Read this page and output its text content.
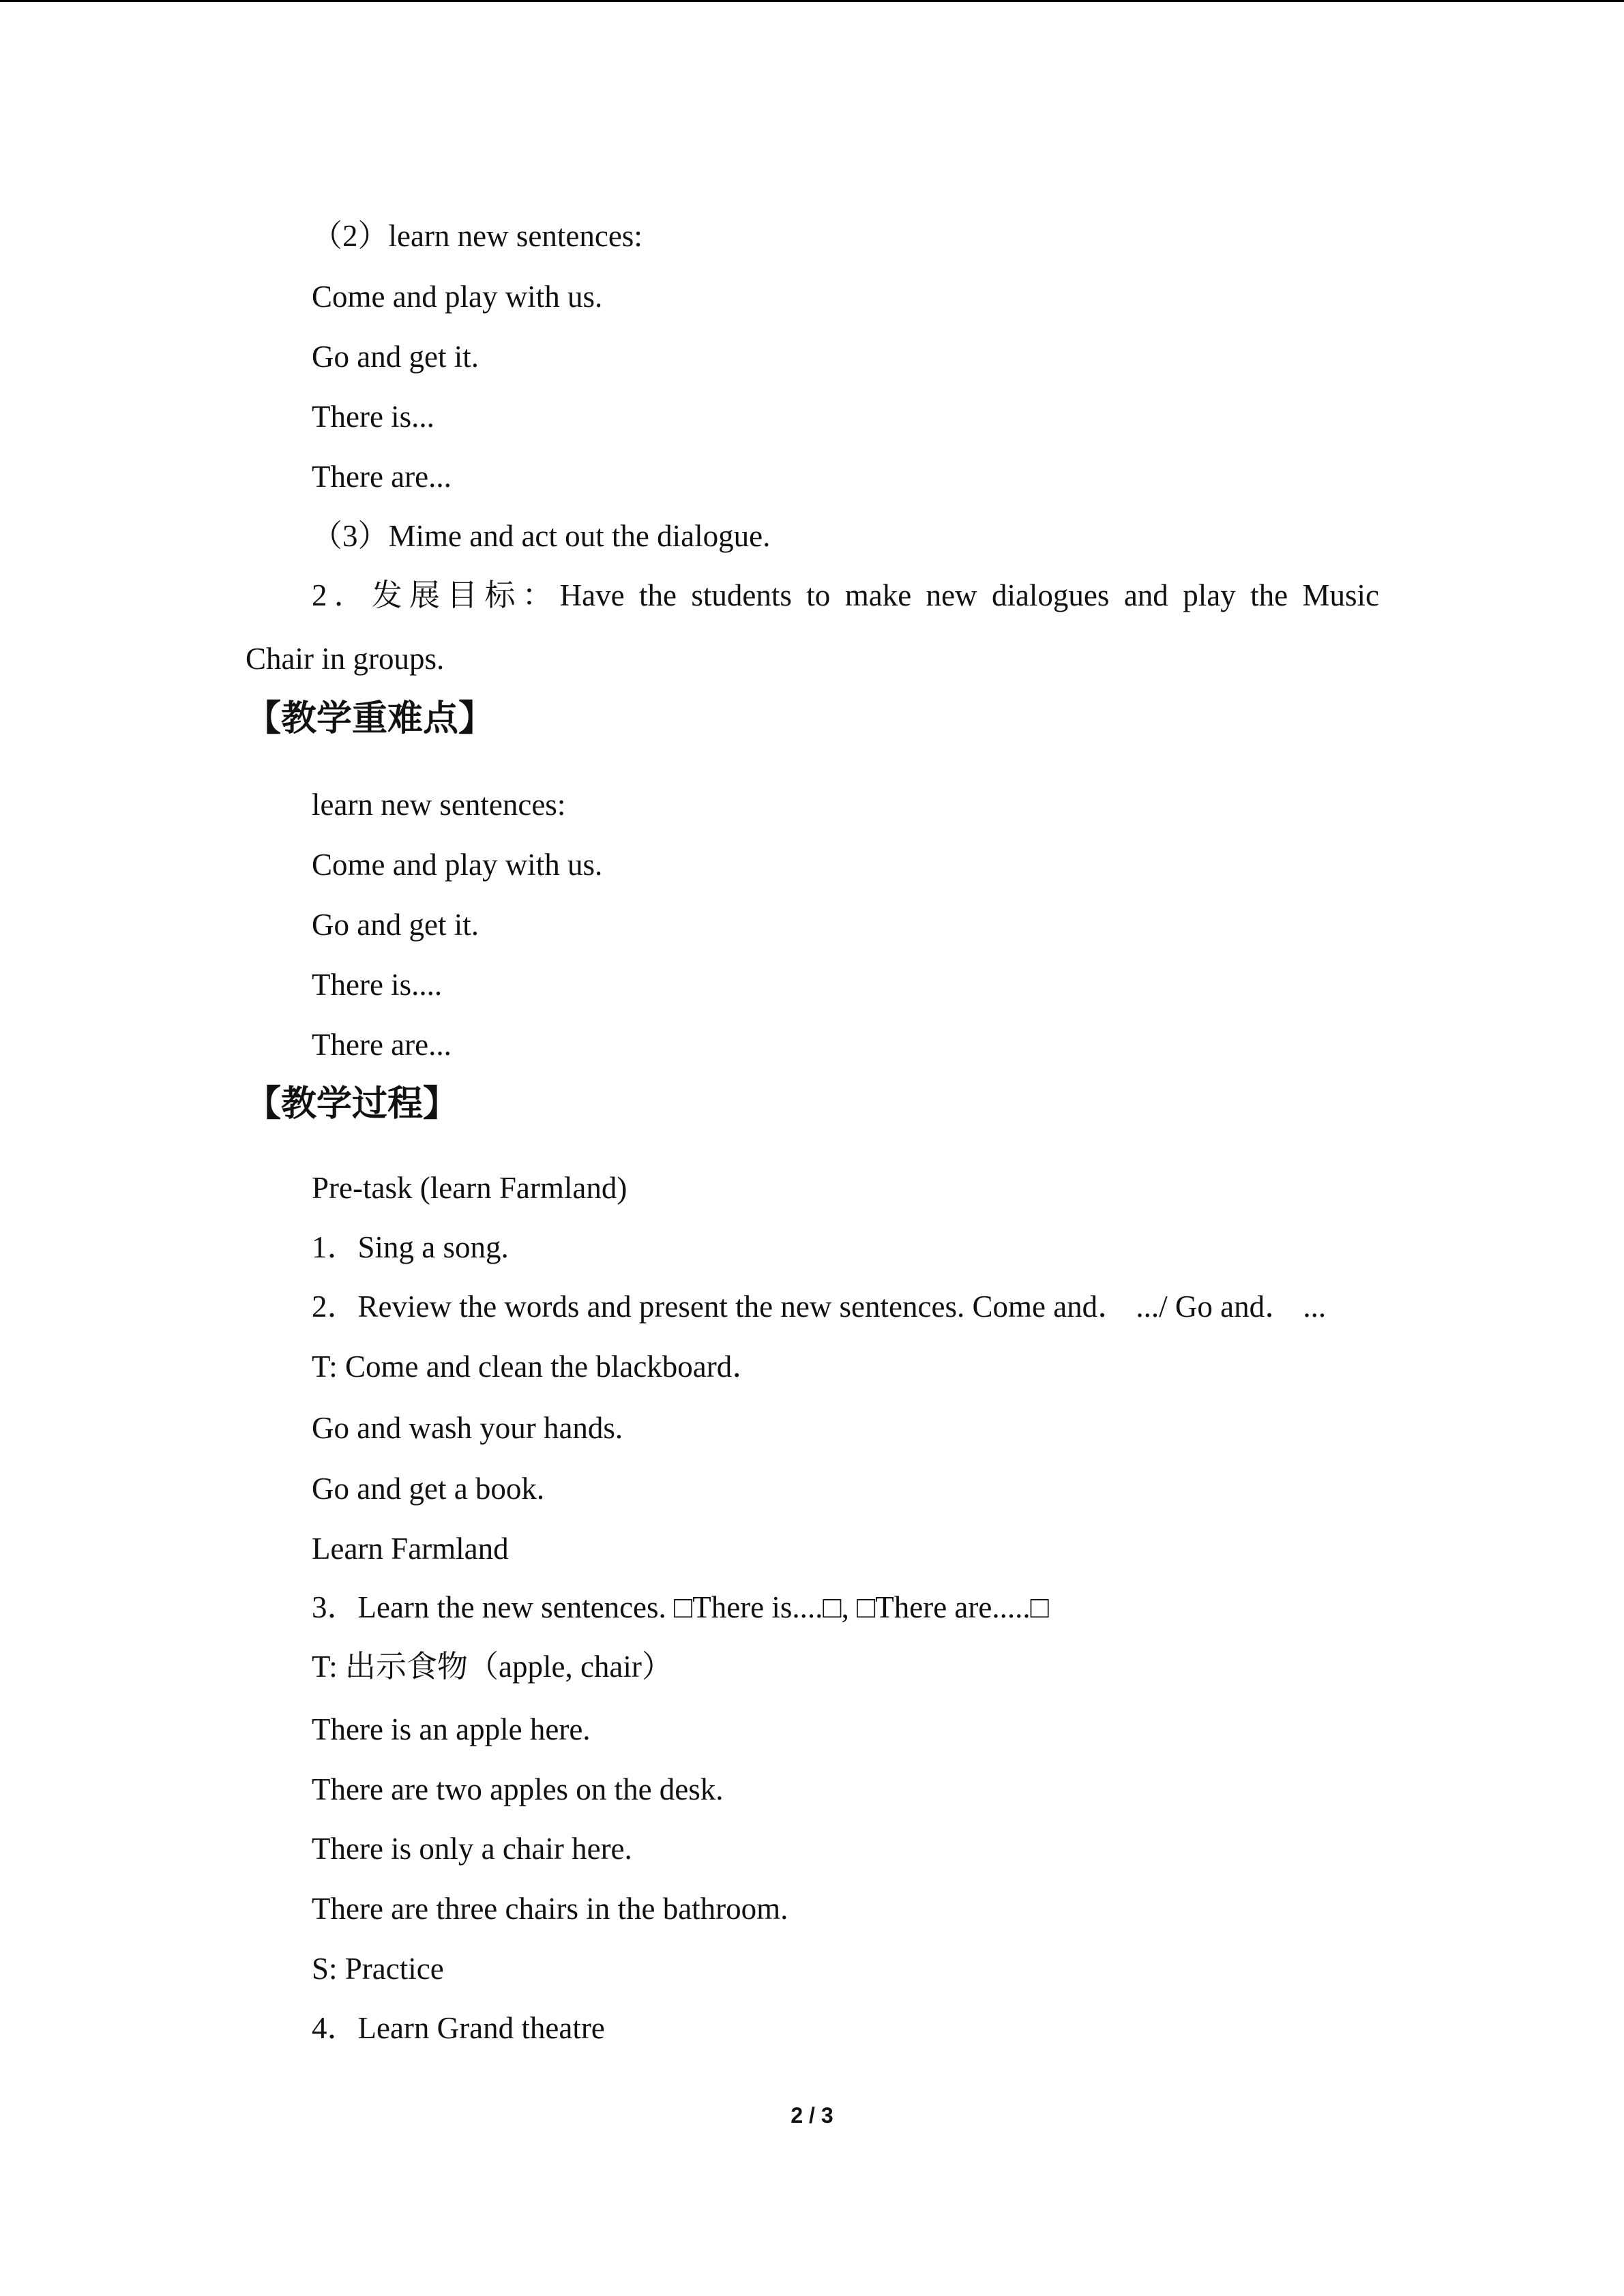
（2）learn new sentences:
Come and play with us.
Go and get it.
There is...
There are...
（3）Mime and act out the dialogue.
2．发展目标：Have the students to make new dialogues and play the Music
Chair in groups.
【教学重难点】
learn new sentences:
Come and play with us.
Go and get it.
There is....
There are...
【教学过程】
Pre-task (learn Farmland)
1．Sing a song.
2．Review the words and present the new sentences. Come and． .../ Go and． ...
T: Come and clean the blackboard．
Go and wash your hands.
Go and get a book.
Learn Farmland
3．Learn the new sentences. □There is....□, □There are.....□
T: 出示食物（apple, chair）
There is an apple here.
There are two apples on the desk.
There is only a chair here.
There are three chairs in the bathroom.
S: Practice
4．Learn Grand theatre
2 / 3
